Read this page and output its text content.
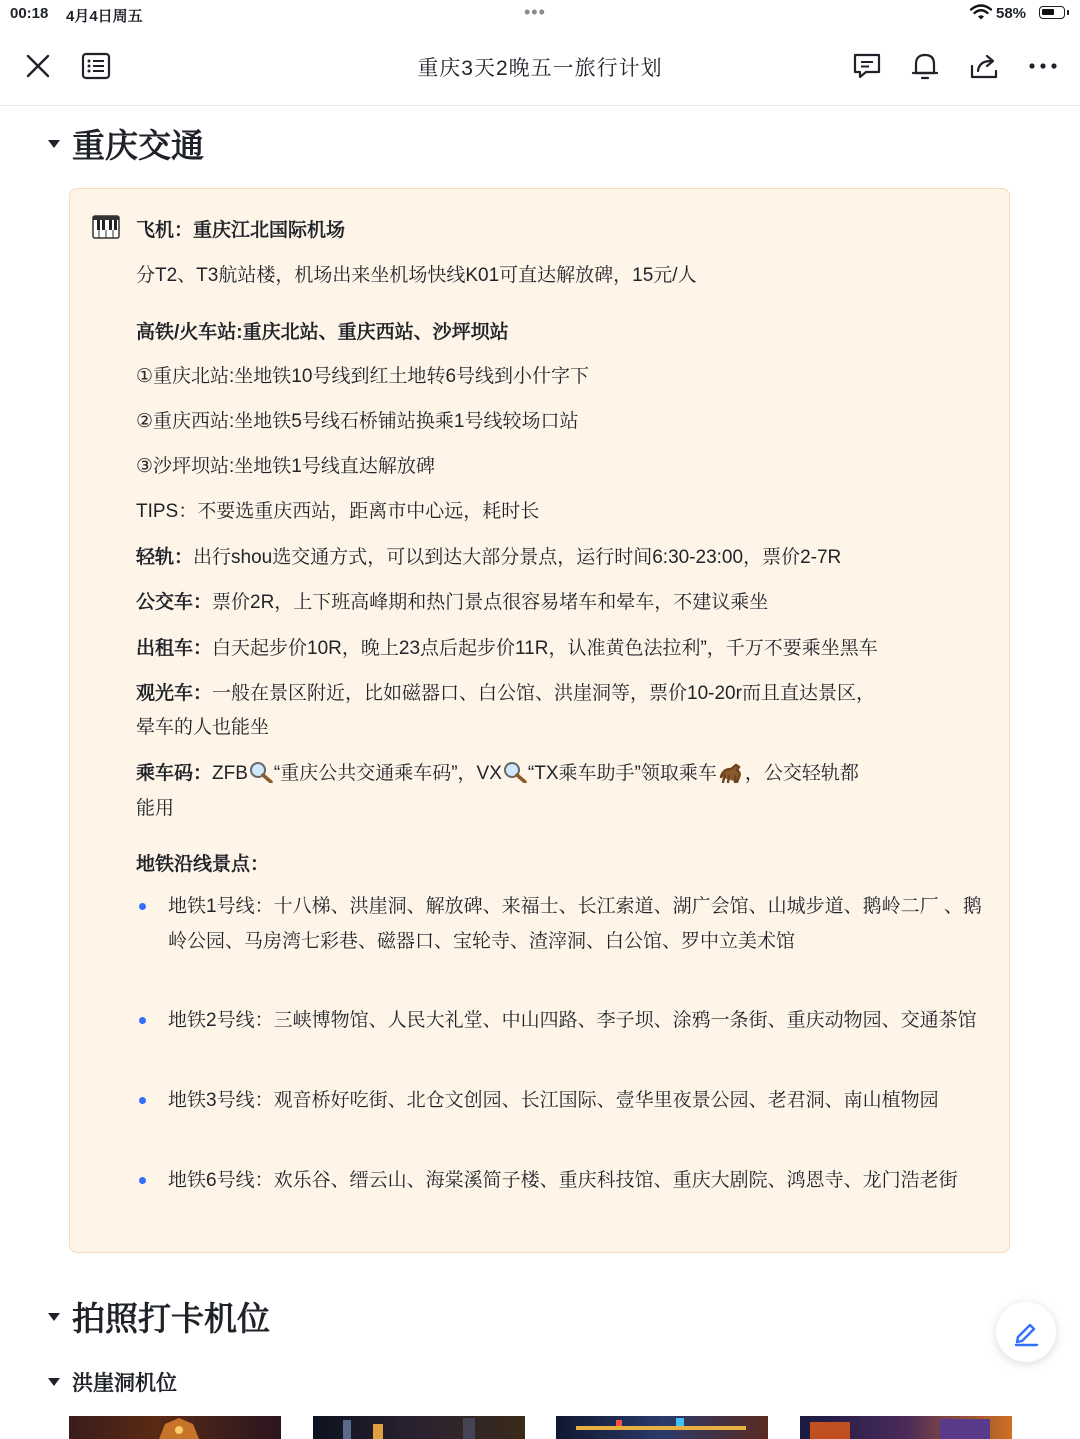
00:18 4月4日周五	•••	58%
重庆3天2晚五一旅行计划
重庆交通
飞机：重庆江北国际机场
分T2、T3航站楼，机场出来坐机场快线K01可直达解放碑，15元/人
高铁/火车站:重庆北站、重庆西站、沙坪坝站
①重庆北站:坐地铁10号线到红土地转6号线到小什字下
②重庆西站:坐地铁5号线石桥铺站换乘1号线较场口站
③沙坪坝站:坐地铁1号线直达解放碑
TIPS：不要选重庆西站，距离市中心远，耗时长
轻轨：出行shou选交通方式，可以到达大部分景点，运行时间6:30-23:00，票价2-7R
公交车：票价2R，上下班高峰期和热门景点很容易堵车和晕车，不建议乘坐
出租车：白天起步价10R，晚上23点后起步价11R，认准黄色法拉利”，千万不要乘坐黑车
观光车：一般在景区附近，比如磁器口、白公馆、洪崖洞等，票价10-20r而且直达景区，
晕车的人也能坐
乘车码：ZFB “重庆公共交通乘车码”，VX “TX乘车助手”领取乘车 ，公交轻轨都
能用
地铁沿线景点：
地铁1号线：十八梯、洪崖洞、解放碑、来福士、长江索道、湖广会馆、山城步道、鹅岭二厂 、鹅岭公园、马房湾七彩巷、磁器口、宝轮寺、渣滓洞、白公馆、罗中立美术馆
地铁2号线：三峡博物馆、人民大礼堂、中山四路、李子坝、涂鸦一条街、重庆动物园、交通茶馆
地铁3号线：观音桥好吃街、北仓文创园、长江国际、壹华里夜景公园、老君洞、南山植物园
地铁6号线：欢乐谷、缙云山、海棠溪简子楼、重庆科技馆、重庆大剧院、鸿恩寺、龙门浩老街
拍照打卡机位
洪崖洞机位
